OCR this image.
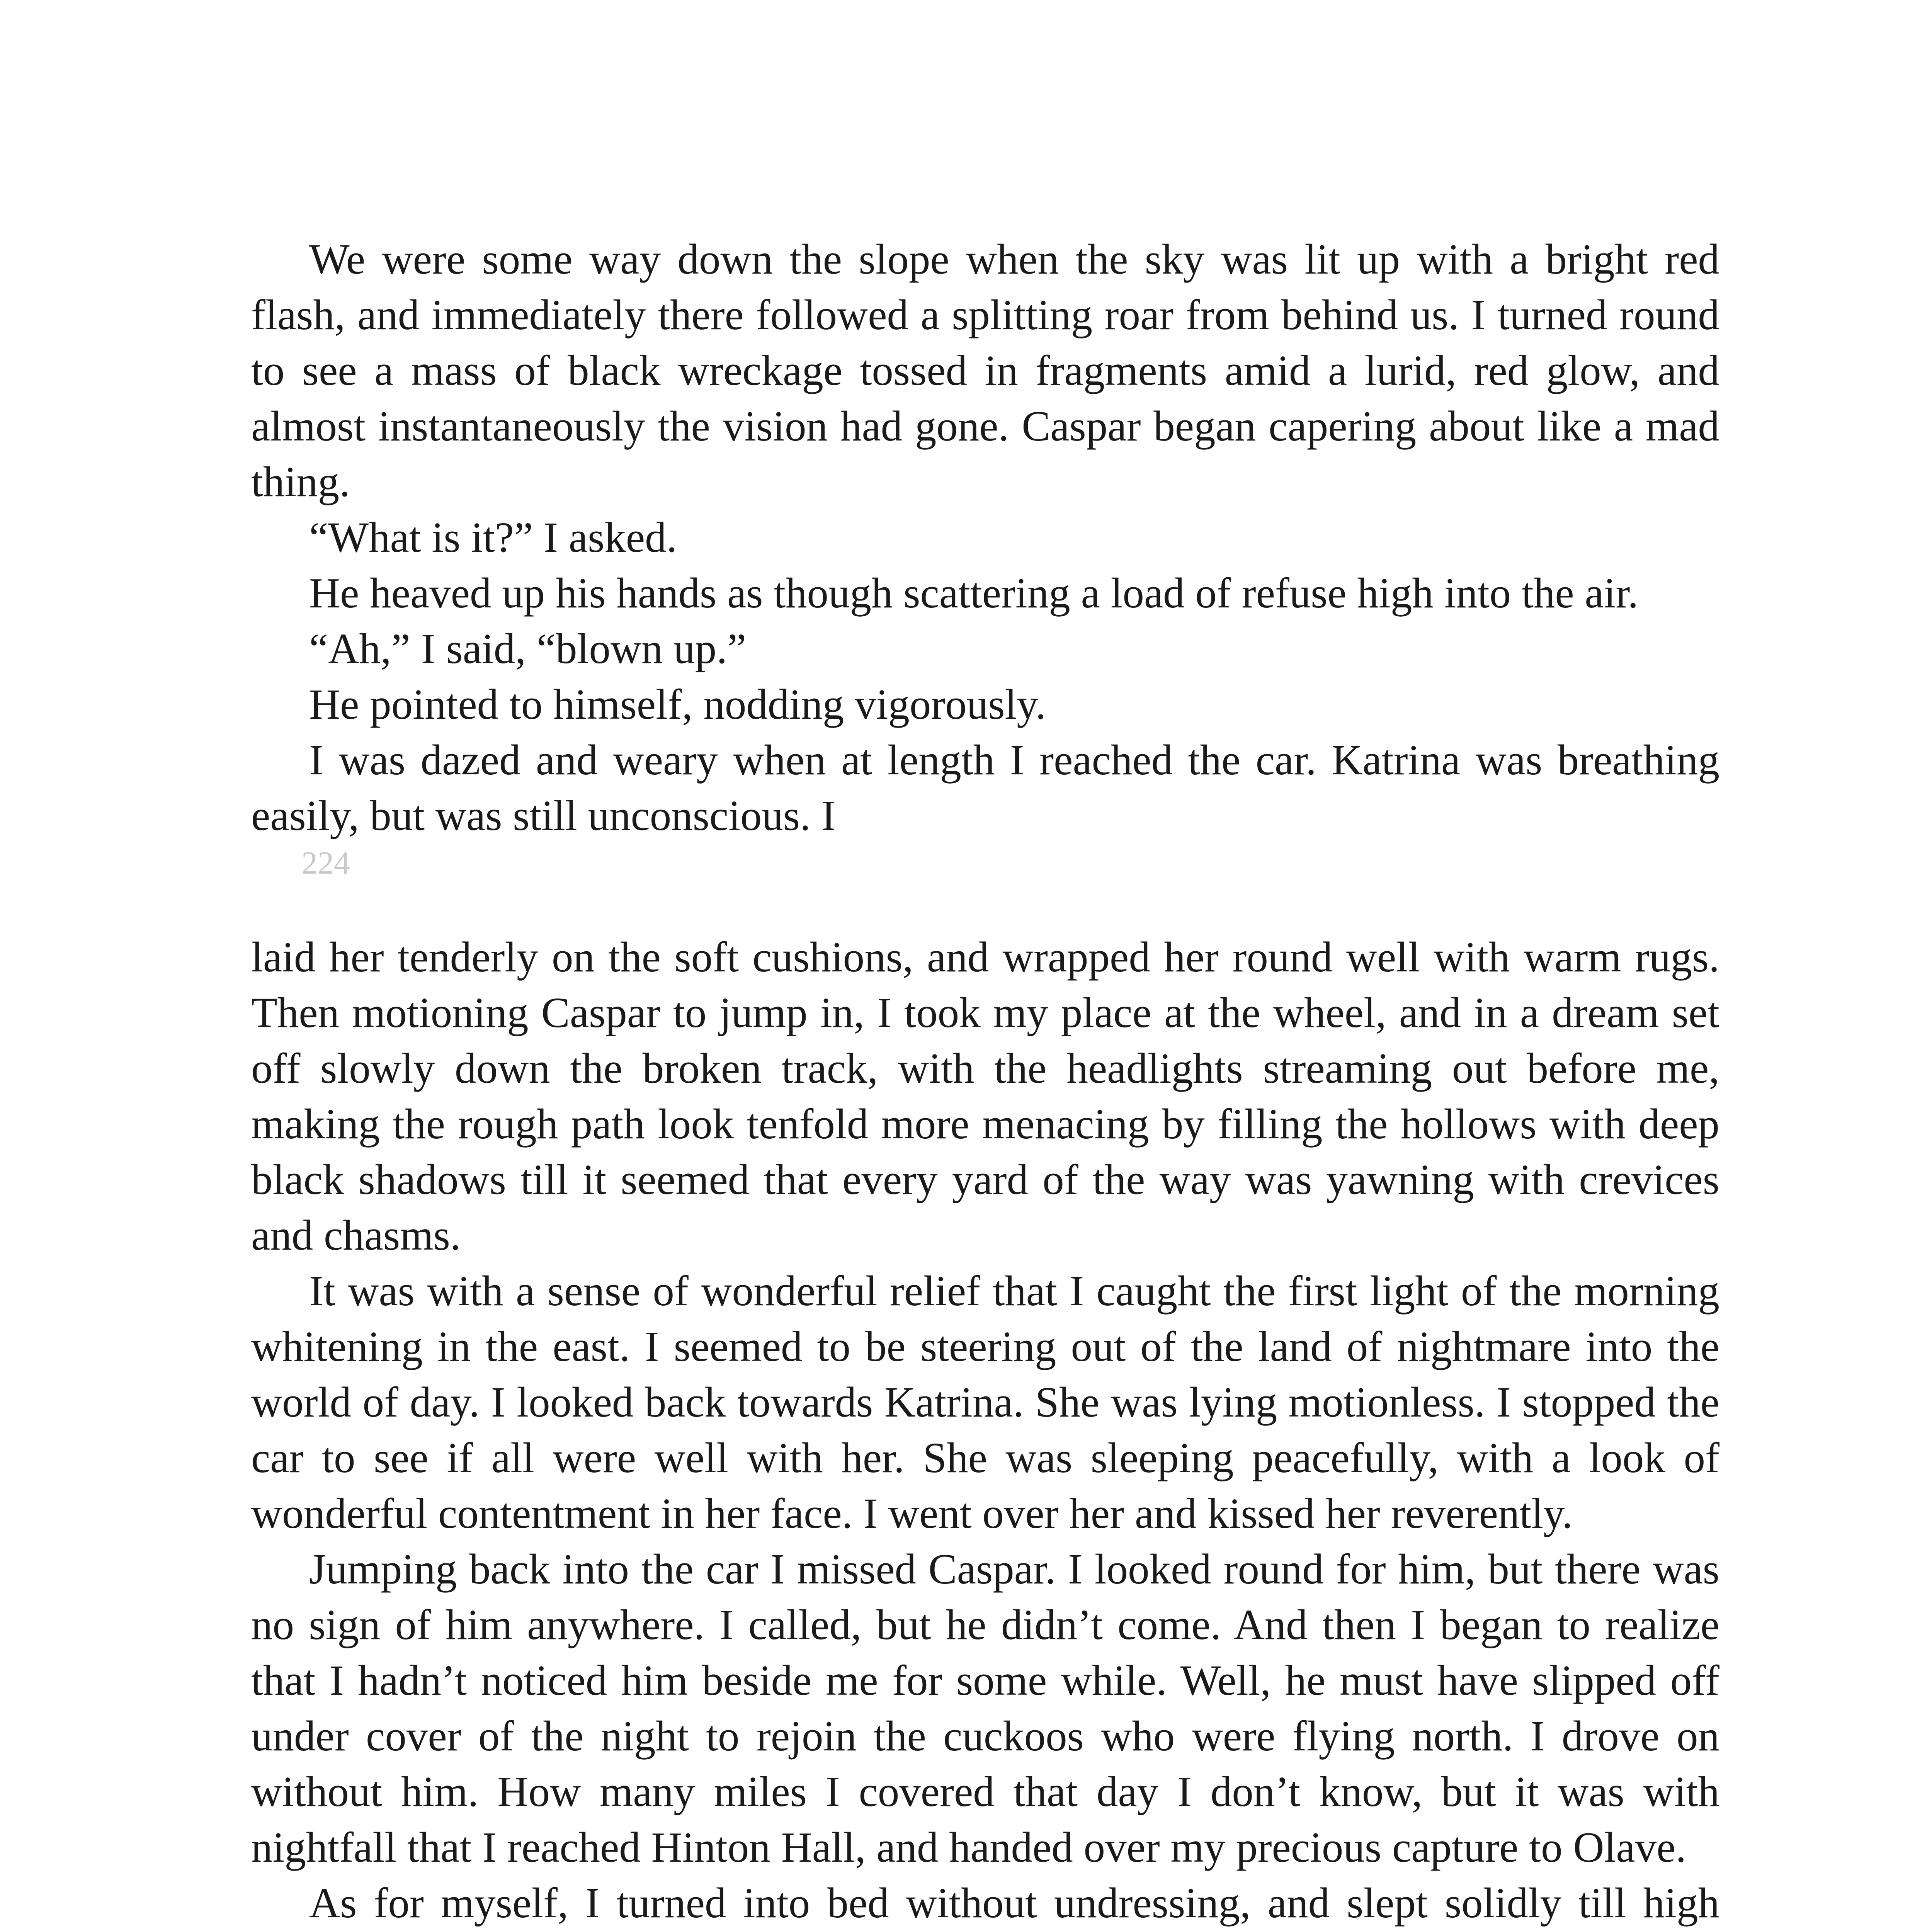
We were some way down the slope when the sky was lit up with a bright red flash, and immediately there followed a splitting roar from behind us. I turned round to see a mass of black wreckage tossed in fragments amid a lurid, red glow, and almost instantaneously the vision had gone. Caspar began capering about like a mad thing.

“What is it?” I asked.

He heaved up his hands as though scattering a load of refuse high into the air.

“Ah,” I said, “blown up.”

He pointed to himself, nodding vigorously.

I was dazed and weary when at length I reached the car. Katrina was breathing easily, but was still unconscious. I

224

laid her tenderly on the soft cushions, and wrapped her round well with warm rugs. Then motioning Caspar to jump in, I took my place at the wheel, and in a dream set off slowly down the broken track, with the headlights streaming out before me, making the rough path look tenfold more menacing by filling the hollows with deep black shadows till it seemed that every yard of the way was yawning with crevices and chasms.

It was with a sense of wonderful relief that I caught the first light of the morning whitening in the east. I seemed to be steering out of the land of nightmare into the world of day. I looked back towards Katrina. She was lying motionless. I stopped the car to see if all were well with her. She was sleeping peacefully, with a look of wonderful contentment in her face. I went over her and kissed her reverently.

Jumping back into the car I missed Caspar. I looked round for him, but there was no sign of him anywhere. I called, but he didn’t come. And then I began to realize that I hadn’t noticed him beside me for some while. Well, he must have slipped off under cover of the night to rejoin the cuckoos who were flying north. I drove on without him. How many miles I covered that day I don’t know, but it was with nightfall that I reached Hinton Hall, and handed over my precious capture to Olave.

As for myself, I turned into bed without undressing, and slept solidly till high
